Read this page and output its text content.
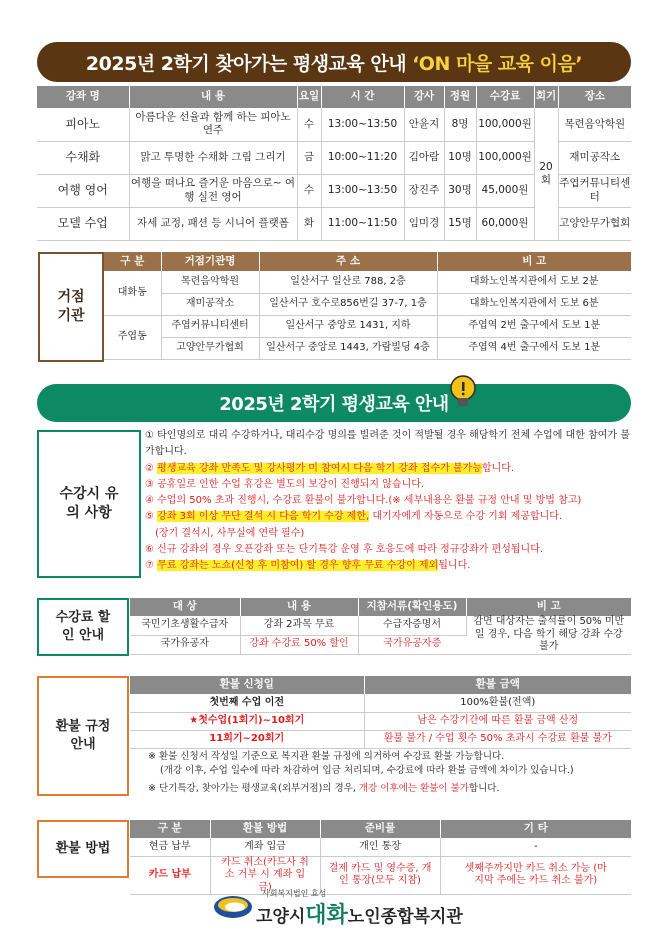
2025년 2학기 찾아가는 평생교육 안내 ‘ON 마을 교육 이음’
강좌 명	내 용	요일	시 간	강사	정원	수강료	회기	장소
피아노	아름다운 선율과 함께 하는 피아노 연주	수	13:00~13:50	안윤지	8명	100,000원	20회	목련음악학원
수채화	맑고 투명한 수채화 그림 그리기	금	10:00~11:20	김아람	10명	100,000원		재미공작소
여행 영어	여행을 떠나요 즐거운 마음으로~ 여행 실전 영어	수	13:00~13:50	장진주	30명	45,000원		주엽커뮤니티센터
모델 수업	자세 교정, 패션 등 시니어 플랫폼	화	11:00~11:50	임미경	15명	60,000원		고양안무가협회
거점 기관
구 분	거점기관명	주 소	비 고
대화동	목련음악학원	일산서구 일산로 788, 2층	대화노인복지관에서 도보 2분
	재미공작소	일산서구 호수로856번길 37-7, 1층	대화노인복지관에서 도보 6분
주엽동	주엽커뮤니티센터	일산서구 중앙로 1431, 지하	주엽역 2번 출구에서 도보 1분
	고양안무가협회	일산서구 중앙로 1443, 가람빌딩 4층	주엽역 4번 출구에서 도보 1분
2025년 2학기 평생교육 안내
수강시 유의 사항

① 타인명의로 대리 수강하거나, 대리수강 명의를 빌려준 것이 적발될 경우 해당학기 전체 수업에 대한 참여가 불가합니다.

② 평생교육 강좌 만족도 및 강사평가 미 참여시 다음 학기 강좌 접수가 불가능합니다.

③ 공휴일로 인한 수업 휴강은 별도의 보강이 진행되지 않습니다.

④ 수업의 50% 초과 진행시, 수강료 환불이 불가합니다.(※ 세부내용은 환불 규정 안내 및 방법 참고)

⑤ 강좌 3회 이상 무단 결석 시 다음 학기 수강 제한, 대기자에게 자동으로 수강 기회 제공합니다.

(장기 결석시, 사무실에 연락 필수)

⑥ 신규 강좌의 경우 오픈강좌 또는 단기특강 운영 후 호응도에 따라 정규강좌가 편성됩니다.

⑦ 무료 강좌는 노쇼(신청 후 미참여) 할 경우 향후 무료 수강이 제외됩니다.

수강료 할인 안내
대 상	내 용	지참서류(확인용도)	비 고
국민기초생활수급자	강좌 2과목 무료	수급자증명서	감면 대상자는 출석률이 50% 미만일 경우, 다음 학기 해당 강좌 수강 불가
국가유공자	강좌 수강료 50% 할인	국가유공자증	
환불 규정 안내
환불 신청일	환불 금액
첫번째 수업 이전	100%환불(전액)
★첫수업(1회기)~10회기	남은 수강기간에 따른 환불 금액 산정
11회기~20회기	환불 불가 / 수업 횟수 50% 초과시 수강료 환불 불가

※ 환불 신청서 작성일 기준으로 복지관 환불 규정에 의거하여 수강료 환불 가능합니다.

(개강 이후, 수업 일수에 따라 차감하여 입금 처리되며, 수강료에 따라 환불 금액에 차이가 있습니다.)

※ 단기특강, 찾아가는 평생교육(외부거점)의 경우, 개강 이후에는 환불이 불가합니다.

환불 방법
구 분	환불 방법	준비물	기 타
현금 납부	계좌 입금	개인 통장	-
카드 납부	카드 취소(카드사 취소 거부 시 계좌 입금)	결제 카드 및 영수증, 개인 통장(모두 지참)	셋째주까지만 카드 취소 가능 (마지막 주에는 카드 취소 불가)
사회복지법인 효성
고양시대화노인종합복지관
